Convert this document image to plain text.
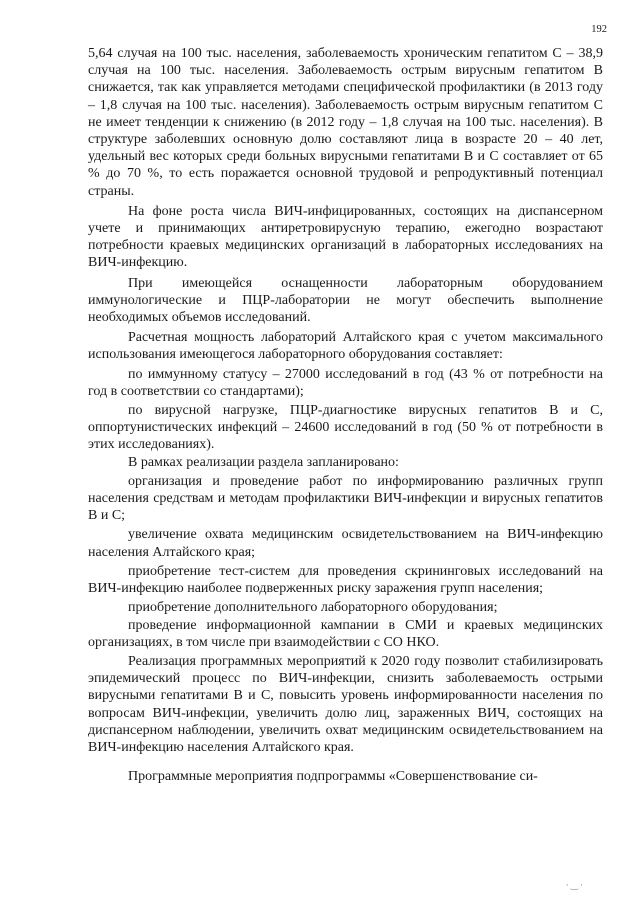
192

5,64 случая на 100 тыс. населения, заболеваемость хроническим гепатитом С – 38,9 случая на 100 тыс. населения. Заболеваемость острым вирусным гепатитом В снижается, так как управляется методами специфической профилактики (в 2013 году – 1,8 случая на 100 тыс. населения). Заболеваемость острым вирусным гепатитом С не имеет тенденции к снижению (в 2012 году – 1,8 случая на 100 тыс. населения). В структуре заболевших основную долю составляют лица в возрасте 20 – 40 лет, удельный вес которых среди больных вирусными гепатитами В и С составляет от 65 % до 70 %, то есть поражается основной трудовой и репродуктивный потенциал страны.

На фоне роста числа ВИЧ-инфицированных, состоящих на диспансерном учете и принимающих антиретровирусную терапию, ежегодно возрастают потребности краевых медицинских организаций в лабораторных исследованиях на ВИЧ-инфекцию.

При имеющейся оснащенности лабораторным оборудованием иммунологические и ПЦР-лаборатории не могут обеспечить выполнение необходимых объемов исследований.

Расчетная мощность лабораторий Алтайского края с учетом максимального использования имеющегося лабораторного оборудования составляет:

по иммунному статусу – 27000 исследований в год (43 % от потребности на год в соответствии со стандартами);

по вирусной нагрузке, ПЦР-диагностике вирусных гепатитов В и С, оппортунистических инфекций – 24600 исследований в год (50 % от потребности в этих исследованиях).

В рамках реализации раздела запланировано:

организация и проведение работ по информированию различных групп населения средствам и методам профилактики ВИЧ-инфекции и вирусных гепатитов В и С;

увеличение охвата медицинским освидетельствованием на ВИЧ-инфекцию населения Алтайского края;

приобретение тест-систем для проведения скрининговых исследований на ВИЧ-инфекцию наиболее подверженных риску заражения групп населения;

приобретение дополнительного лабораторного оборудования;

проведение информационной кампании в СМИ и краевых медицинских организациях, в том числе при взаимодействии с СО НКО.

Реализация программных мероприятий к 2020 году позволит стабилизировать эпидемический процесс по ВИЧ-инфекции, снизить заболеваемость острыми вирусными гепатитами В и С, повысить уровень информированности населения по вопросам ВИЧ-инфекции, увеличить долю лиц, зараженных ВИЧ, состоящих на диспансерном наблюдении, увеличить охват медицинским освидетельствованием на ВИЧ-инфекцию населения Алтайского края.

Программные мероприятия подпрограммы «Совершенствование си-

·‿·
